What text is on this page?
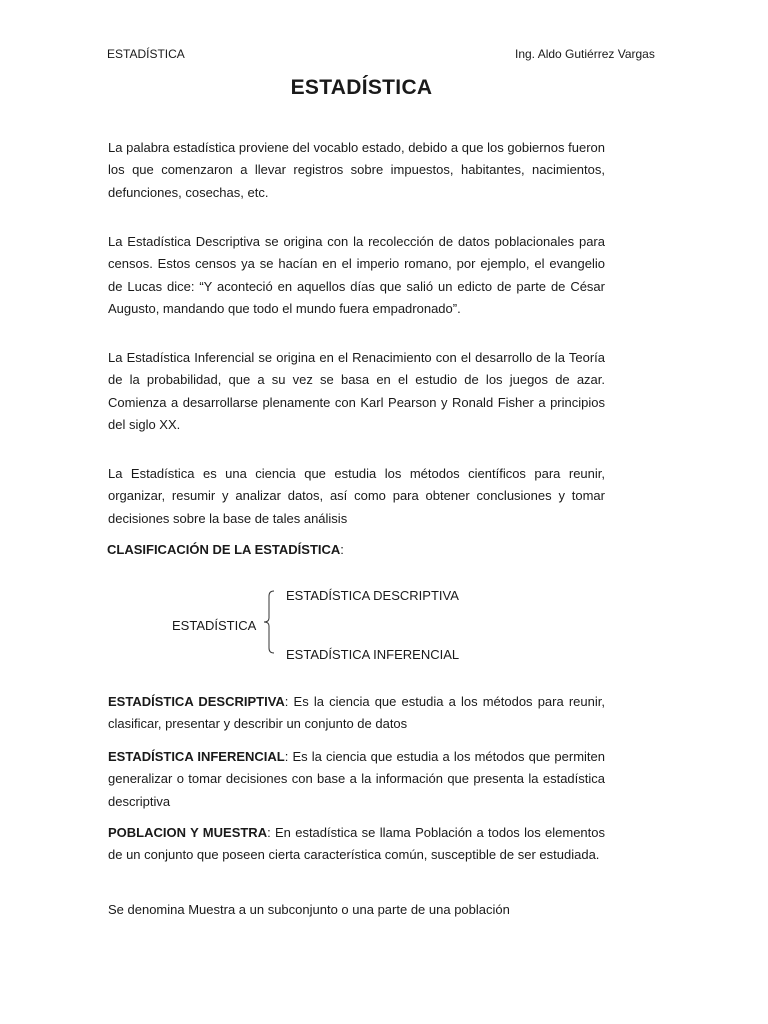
ESTADÍSTICA	Ing. Aldo Gutiérrez Vargas
ESTADÍSTICA

La palabra estadística proviene del vocablo estado, debido a que los gobiernos fueron los que comenzaron a llevar registros sobre impuestos, habitantes, nacimientos, defunciones, cosechas, etc.

La Estadística Descriptiva se origina con la recolección de datos poblacionales para censos. Estos censos ya se hacían en el imperio romano, por ejemplo, el evangelio de Lucas dice: “Y aconteció en aquellos días que salió un edicto de parte de César Augusto, mandando que todo el mundo fuera empadronado”.

La Estadística Inferencial se origina en el Renacimiento con el desarrollo de la Teoría de la probabilidad, que a su vez se basa en el estudio de los juegos de azar. Comienza a desarrollarse plenamente con Karl Pearson y Ronald Fisher a principios del siglo XX.

La Estadística es una ciencia que estudia los métodos científicos para reunir, organizar, resumir y analizar datos, así como para obtener conclusiones y tomar decisiones sobre la base de tales análisis

CLASIFICACIÓN DE LA ESTADÍSTICA:
ESTADÍSTICA
ESTADÍSTICA DESCRIPTIVA
ESTADÍSTICA INFERENCIAL

ESTADÍSTICA DESCRIPTIVA: Es la ciencia que estudia a los métodos para reunir, clasificar, presentar y describir un conjunto de datos

ESTADÍSTICA INFERENCIAL: Es la ciencia que estudia a los métodos que permiten generalizar o tomar decisiones con base a la información que presenta la estadística descriptiva

POBLACION Y MUESTRA: En estadística se llama Población a todos los elementos de un conjunto que poseen cierta característica común, susceptible de ser estudiada.

Se denomina Muestra a un subconjunto o una parte de una población
